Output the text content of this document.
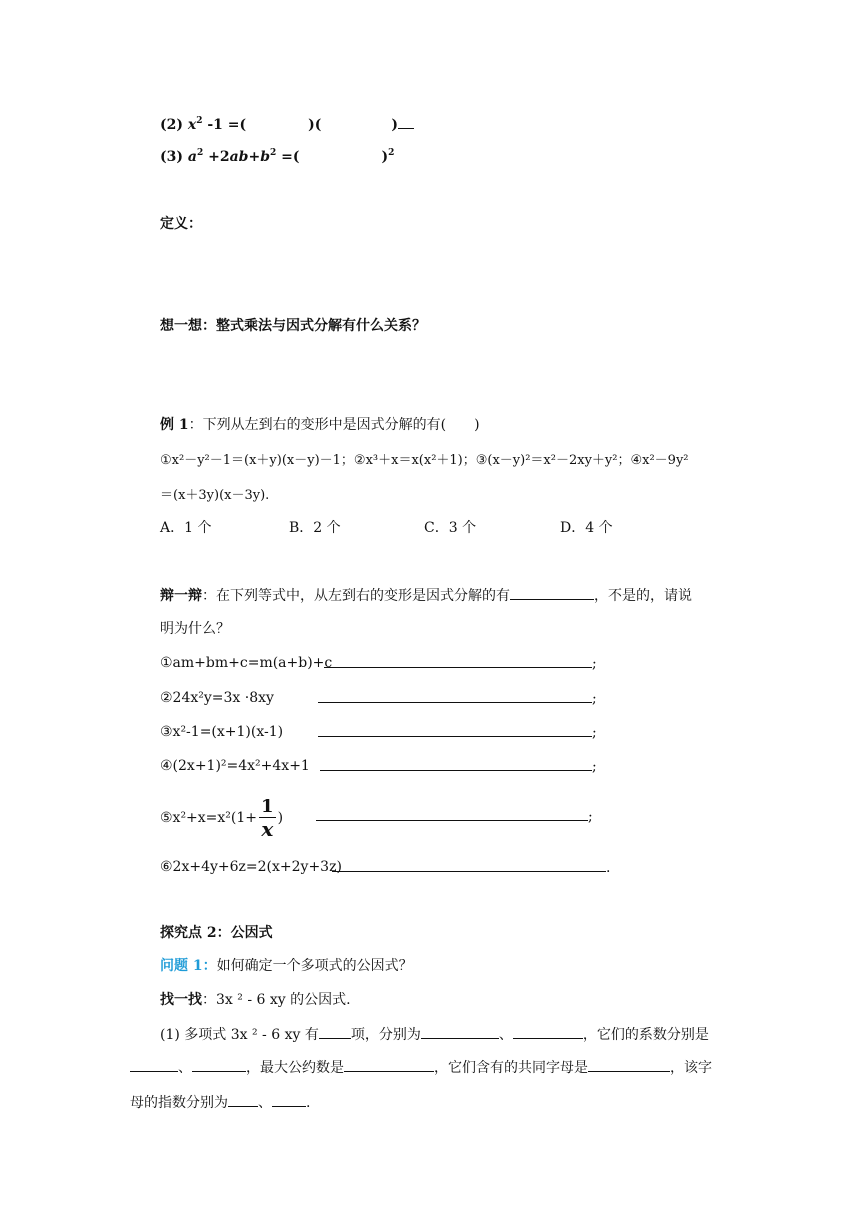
(2) $x^2$ -1 =(	)(	)
(3) $a^2 +2ab+b^2$ =(	)$^2$
定义：
想一想：整式乘法与因式分解有什么关系？
例 1：下列从左到右的变形中是因式分解的有(　　)
①x²－y²－1＝(x＋y)(x－y)－1；②x³＋x＝x(x²＋1)；③(x－y)²＝x²－2xy＋y²；④x²－9y²
＝(x＋3y)(x－3y).
A．1 个	B．2 个	C．3 个	D．4 个
辩一辩：在下列等式中，从左到右的变形是因式分解的有	，不是的，请说
明为什么？
①am+bm+c=m(a+b)+c	;
②24x²y=3x ·8xy	;
③x²-1=(x+1)(x-1)	;
④(2x+1)²=4x²+4x+1	;
⑤x²+x=x²(1+ $\frac{1}{x}$ )	;
⑥2x+4y+6z=2(x+2y+3z)	.
探究点 2：公因式
问题 1：如何确定一个多项式的公因式？
找一找：3x ² - 6 xy 的公因式.
(1) 多项式 3x ² - 6 xy 有 项，分别为	、	，它们的系数分别是
、	，最大公约数是	，它们含有的共同字母是	，该字
母的指数分别为 、 .
